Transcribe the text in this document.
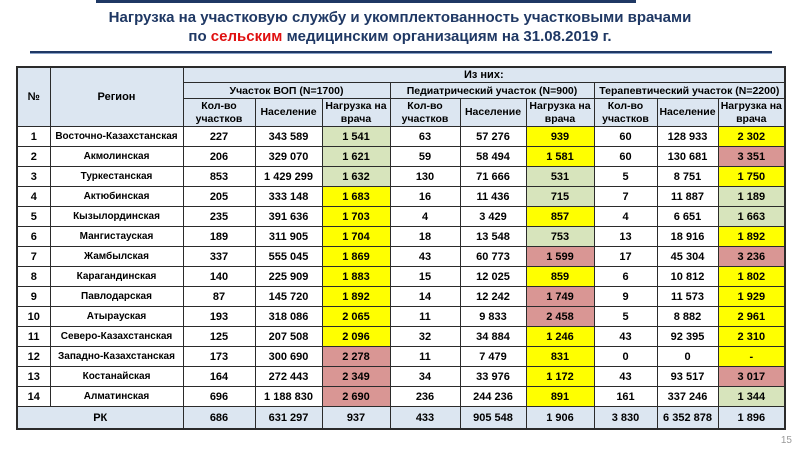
Нагрузка на участковую службу и укомплектованность участковыми врачами
по сельским медицинским организациям на 31.08.2019 г.
№	Регион	Из них:								
		Участок ВОП (N=1700)			Педиатрический участок (N=900)			Терапевтический участок (N=2200)		
		Кол-во участков	Население	Нагрузка на врача	Кол-во участков	Население	Нагрузка на врача	Кол-во участков	Население	Нагрузка на врача
1	Восточно-Казахстанская	227	343 589	1 541	63	57 276	939	60	128 933	2 302
2	Акмолинская	206	329 070	1 621	59	58 494	1 581	60	130 681	3 351
3	Туркестанская	853	1 429 299	1 632	130	71 666	531	5	8 751	1 750
4	Актюбинская	205	333 148	1 683	16	11 436	715	7	11 887	1 189
5	Кызылординская	235	391 636	1 703	4	3 429	857	4	6 651	1 663
6	Мангистауская	189	311 905	1 704	18	13 548	753	13	18 916	1 892
7	Жамбылская	337	555 045	1 869	43	60 773	1 599	17	45 304	3 236
8	Карагандинская	140	225 909	1 883	15	12 025	859	6	10 812	1 802
9	Павлодарская	87	145 720	1 892	14	12 242	1 749	9	11 573	1 929
10	Атырауская	193	318 086	2 065	11	9 833	2 458	5	8 882	2 961
11	Северо-Казахстанская	125	207 508	2 096	32	34 884	1 246	43	92 395	2 310
12	Западно-Казахстанская	173	300 690	2 278	11	7 479	831	0	0	-
13	Костанайская	164	272 443	2 349	34	33 976	1 172	43	93 517	3 017
14	Алматинская	696	1 188 830	2 690	236	244 236	891	161	337 246	1 344
РК		686	631 297	937	433	905 548	1 906	3 830	6 352 878	1 896
15
